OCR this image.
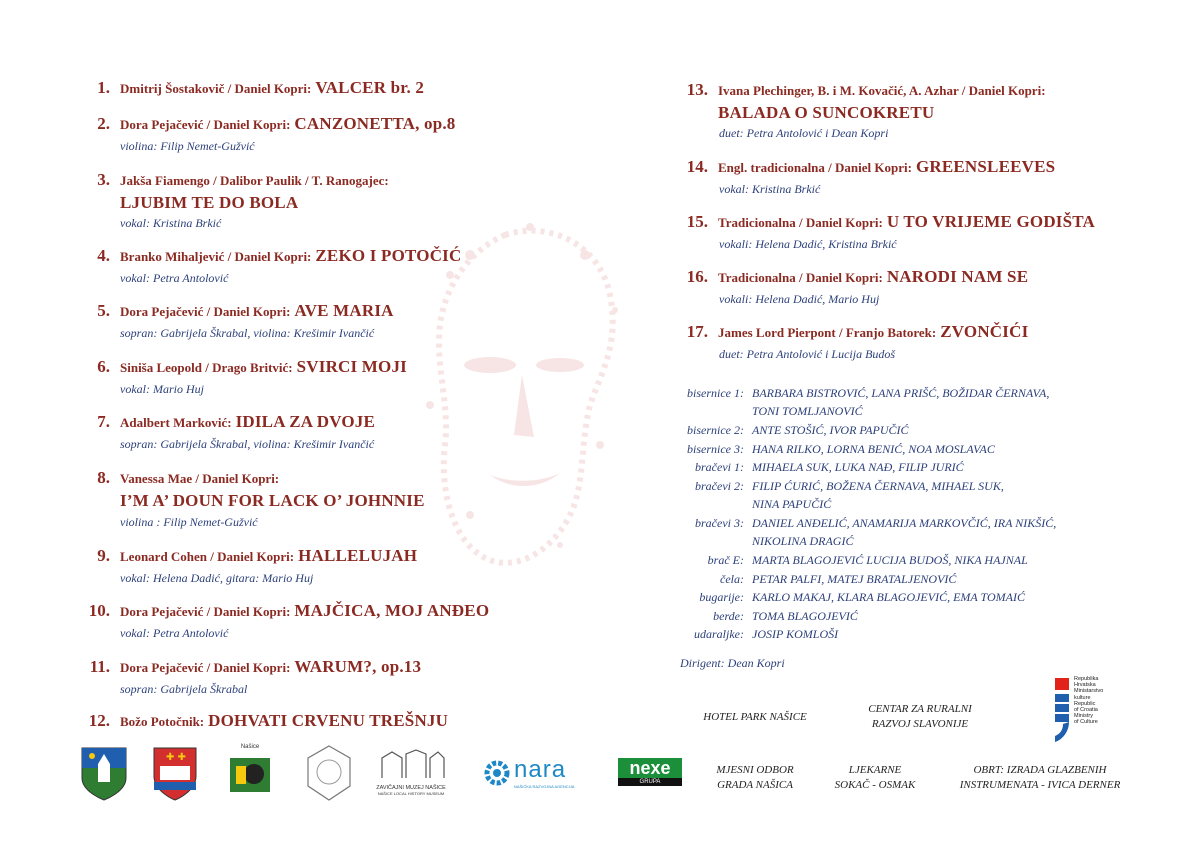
1. Dmitrij Šostakovič / Daniel Kopri:
VALCER br. 2
2. Dora Pejačević / Daniel Kopri:
CANZONETTA, op.8
violina: Filip Nemet-Gužvić
3. Jakša Fiamengo / Dalibor Paulik / T. Ranogajec:
LJUBIM TE DO BOLA
vokal: Kristina Brkić
4. Branko Mihaljević / Daniel Kopri:
ZEKO I POTOČIĆ
vokal: Petra Antolović
5. Dora Pejačević / Daniel Kopri:
AVE MARIA
sopran: Gabrijela Škrabal, violina: Krešimir Ivančić
6. Siniša Leopold / Drago Britvić:
SVIRCI MOJI
vokal: Mario Huj
7. Adalbert Marković:
IDILA ZA DVOJE
sopran: Gabrijela Škrabal, violina: Krešimir Ivančić
8. Vanessa Mae / Daniel Kopri:
I’M A’ DOUN FOR LACK O’ JOHNNIE
violina : Filip Nemet-Gužvić
9. Leonard Cohen / Daniel Kopri:
HALLELUJAH
vokal: Helena Dadić, gitara: Mario Huj
10. Dora Pejačević / Daniel Kopri:
MAJČICA, MOJ ANĐEO
vokal: Petra Antolović
11. Dora Pejačević / Daniel Kopri:
WARUM?, op.13
sopran: Gabrijela Škrabal
12. Božo Potočnik:
DOHVATI CRVENU TREŠNJU
13. Ivana Plechinger, B. i M. Kovačić, A. Azhar / Daniel Kopri:
BALADA O SUNCOKRETU
duet: Petra Antolović i Dean Kopri
14. Engl. tradicionalna / Daniel Kopri:
GREENSLEEVES
vokal: Kristina Brkić
15. Tradicionalna / Daniel Kopri:
U TO VRIJEME GODIŠTA
vokali: Helena Dadić, Kristina Brkić
16. Tradicionalna / Daniel Kopri:
NARODI NAM SE
vokali: Helena Dadić, Mario Huj
17. James Lord Pierpont / Franjo Batorek:
ZVONČIĆI
duet: Petra Antolović i Lucija Budoš
bisernice 1: BARBARA BISTROVIĆ, LANA PRIŠĆ, BOŽIDAR ČERNAVA,
TONI TOMLJANOVIĆ
bisernice 2: ANTE STOŠIĆ, IVOR PAPUČIĆ
bisernice 3: HANA RILKO, LORNA BENIĆ, NOA MOSLAVAC
bračevi 1: MIHAELA SUK, LUKA NAĐ, FILIP JURIĆ
bračevi 2: FILIP ĆURIĆ, BOŽENA ČERNAVA, MIHAEL SUK,
NINA PAPUČIĆ
bračevi 3: DANIEL ANĐELIĆ, ANAMARIJA MARKOVČIĆ, IRA NIKŠIĆ,
NIKOLINA DRAGIĆ
brač E: MARTA BLAGOJEVIĆ LUCIJA BUDOŠ, NIKA HAJNAL
čela: PETAR PALFI, MATEJ BRATALJENOVIĆ
bugarije: KARLO MAKAJ, KLARA BLAGOJEVIĆ, EMA TOMAIĆ
berde: TOMA BLAGOJEVIĆ
udaraljke: JOSIP KOMLOŠI
Dirigent: Dean Kopri
HOTEL PARK NAŠICE
CENTAR ZA RURALNI
RAZVOJ SLAVONIJE
MJESNI ODBOR
GRADA NAŠICA
LJEKARNE
SOKAČ - OSMAK
OBRT: IZRADA GLAZBENIH
INSTRUMENATA - IVICA DERNER
Republika
Hrvatska
Ministarstvo
kulture
Republic
of Croatia
Ministry
of Culture
✚ ✚
Našice
ZAVIČAJNI MUZEJ NAŠICE
NAŠICE LOCAL HISTORY MUSEUM
nara
NAŠIČKA RAZVOJNA AGENCIJA
nexe
GRUPA
